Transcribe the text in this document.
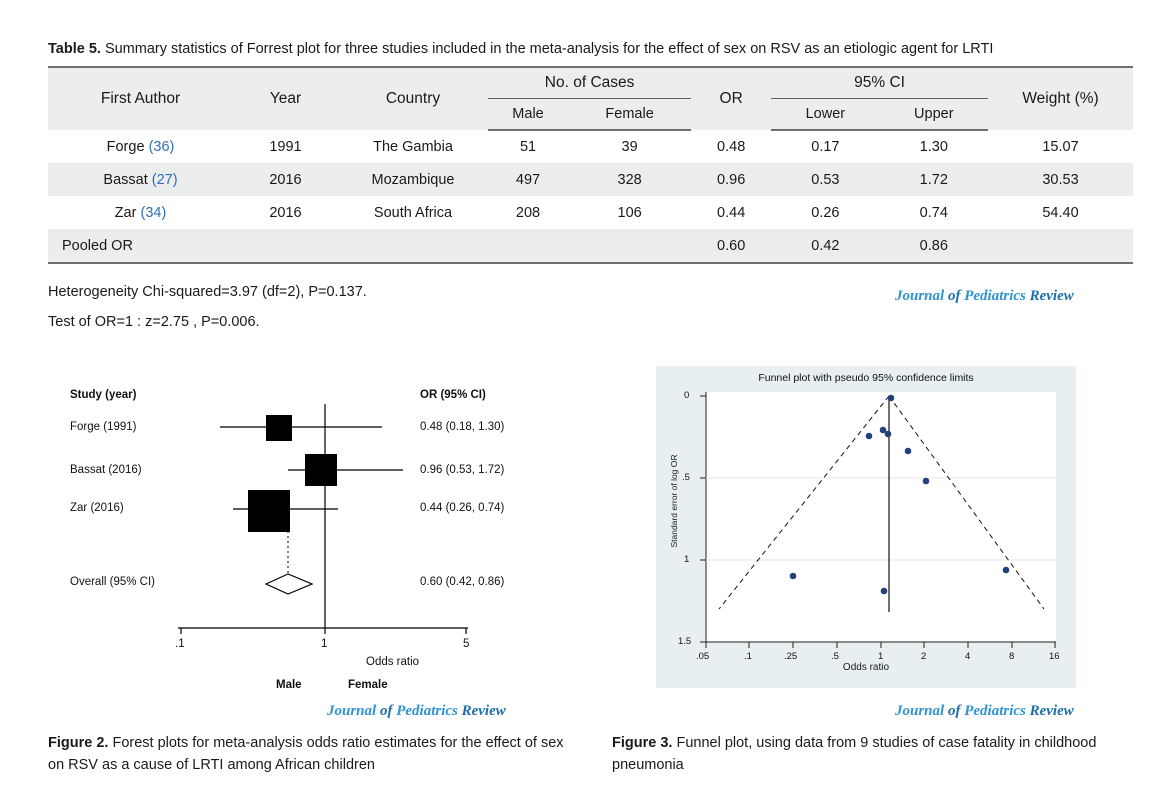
Table 5. Summary statistics of Forrest plot for three studies included in the meta-analysis for the effect of sex on RSV as an etiologic agent for LRTI
First Author	Year	Country	No. of Cases		OR	95% CI		Weight (%)
			Male	Female		Lower	Upper	
Forge (36)	1991	The Gambia	51	39	0.48	0.17	1.30	15.07
Bassat (27)	2016	Mozambique	497	328	0.96	0.53	1.72	30.53
Zar (34)	2016	South Africa	208	106	0.44	0.26	0.74	54.40
Pooled OR					0.60	0.42	0.86	
Heterogeneity Chi-squared=3.97 (df=2), P=0.137.
Test of OR=1 : z=2.75 , P=0.006.
Journal of Pediatrics Review
Journal of Pediatrics Review	Journal of Pediatrics Review
Study (year)	OR (95% CI)
Forge (1991)	0.48 (0.18, 1.30)
Bassat (2016)	0.96 (0.53, 1.72)
Zar (2016)	0.44 (0.26, 0.74)
Overall (95% CI)	0.60 (0.42, 0.86)
.1	1	5
Odds ratio
Male	Female
Funnel plot with pseudo 95% confidence limits
0
.5
1
1.5
.05	.1	.25	.5	1	2	4	8	16
Odds ratio
Standard error of log OR
Figure 2. Forest plots for meta-analysis odds ratio estimates for the effect of sex on RSV as a cause of LRTI among African children
Figure 3. Funnel plot, using data from 9 studies of case fatality in childhood pneumonia
